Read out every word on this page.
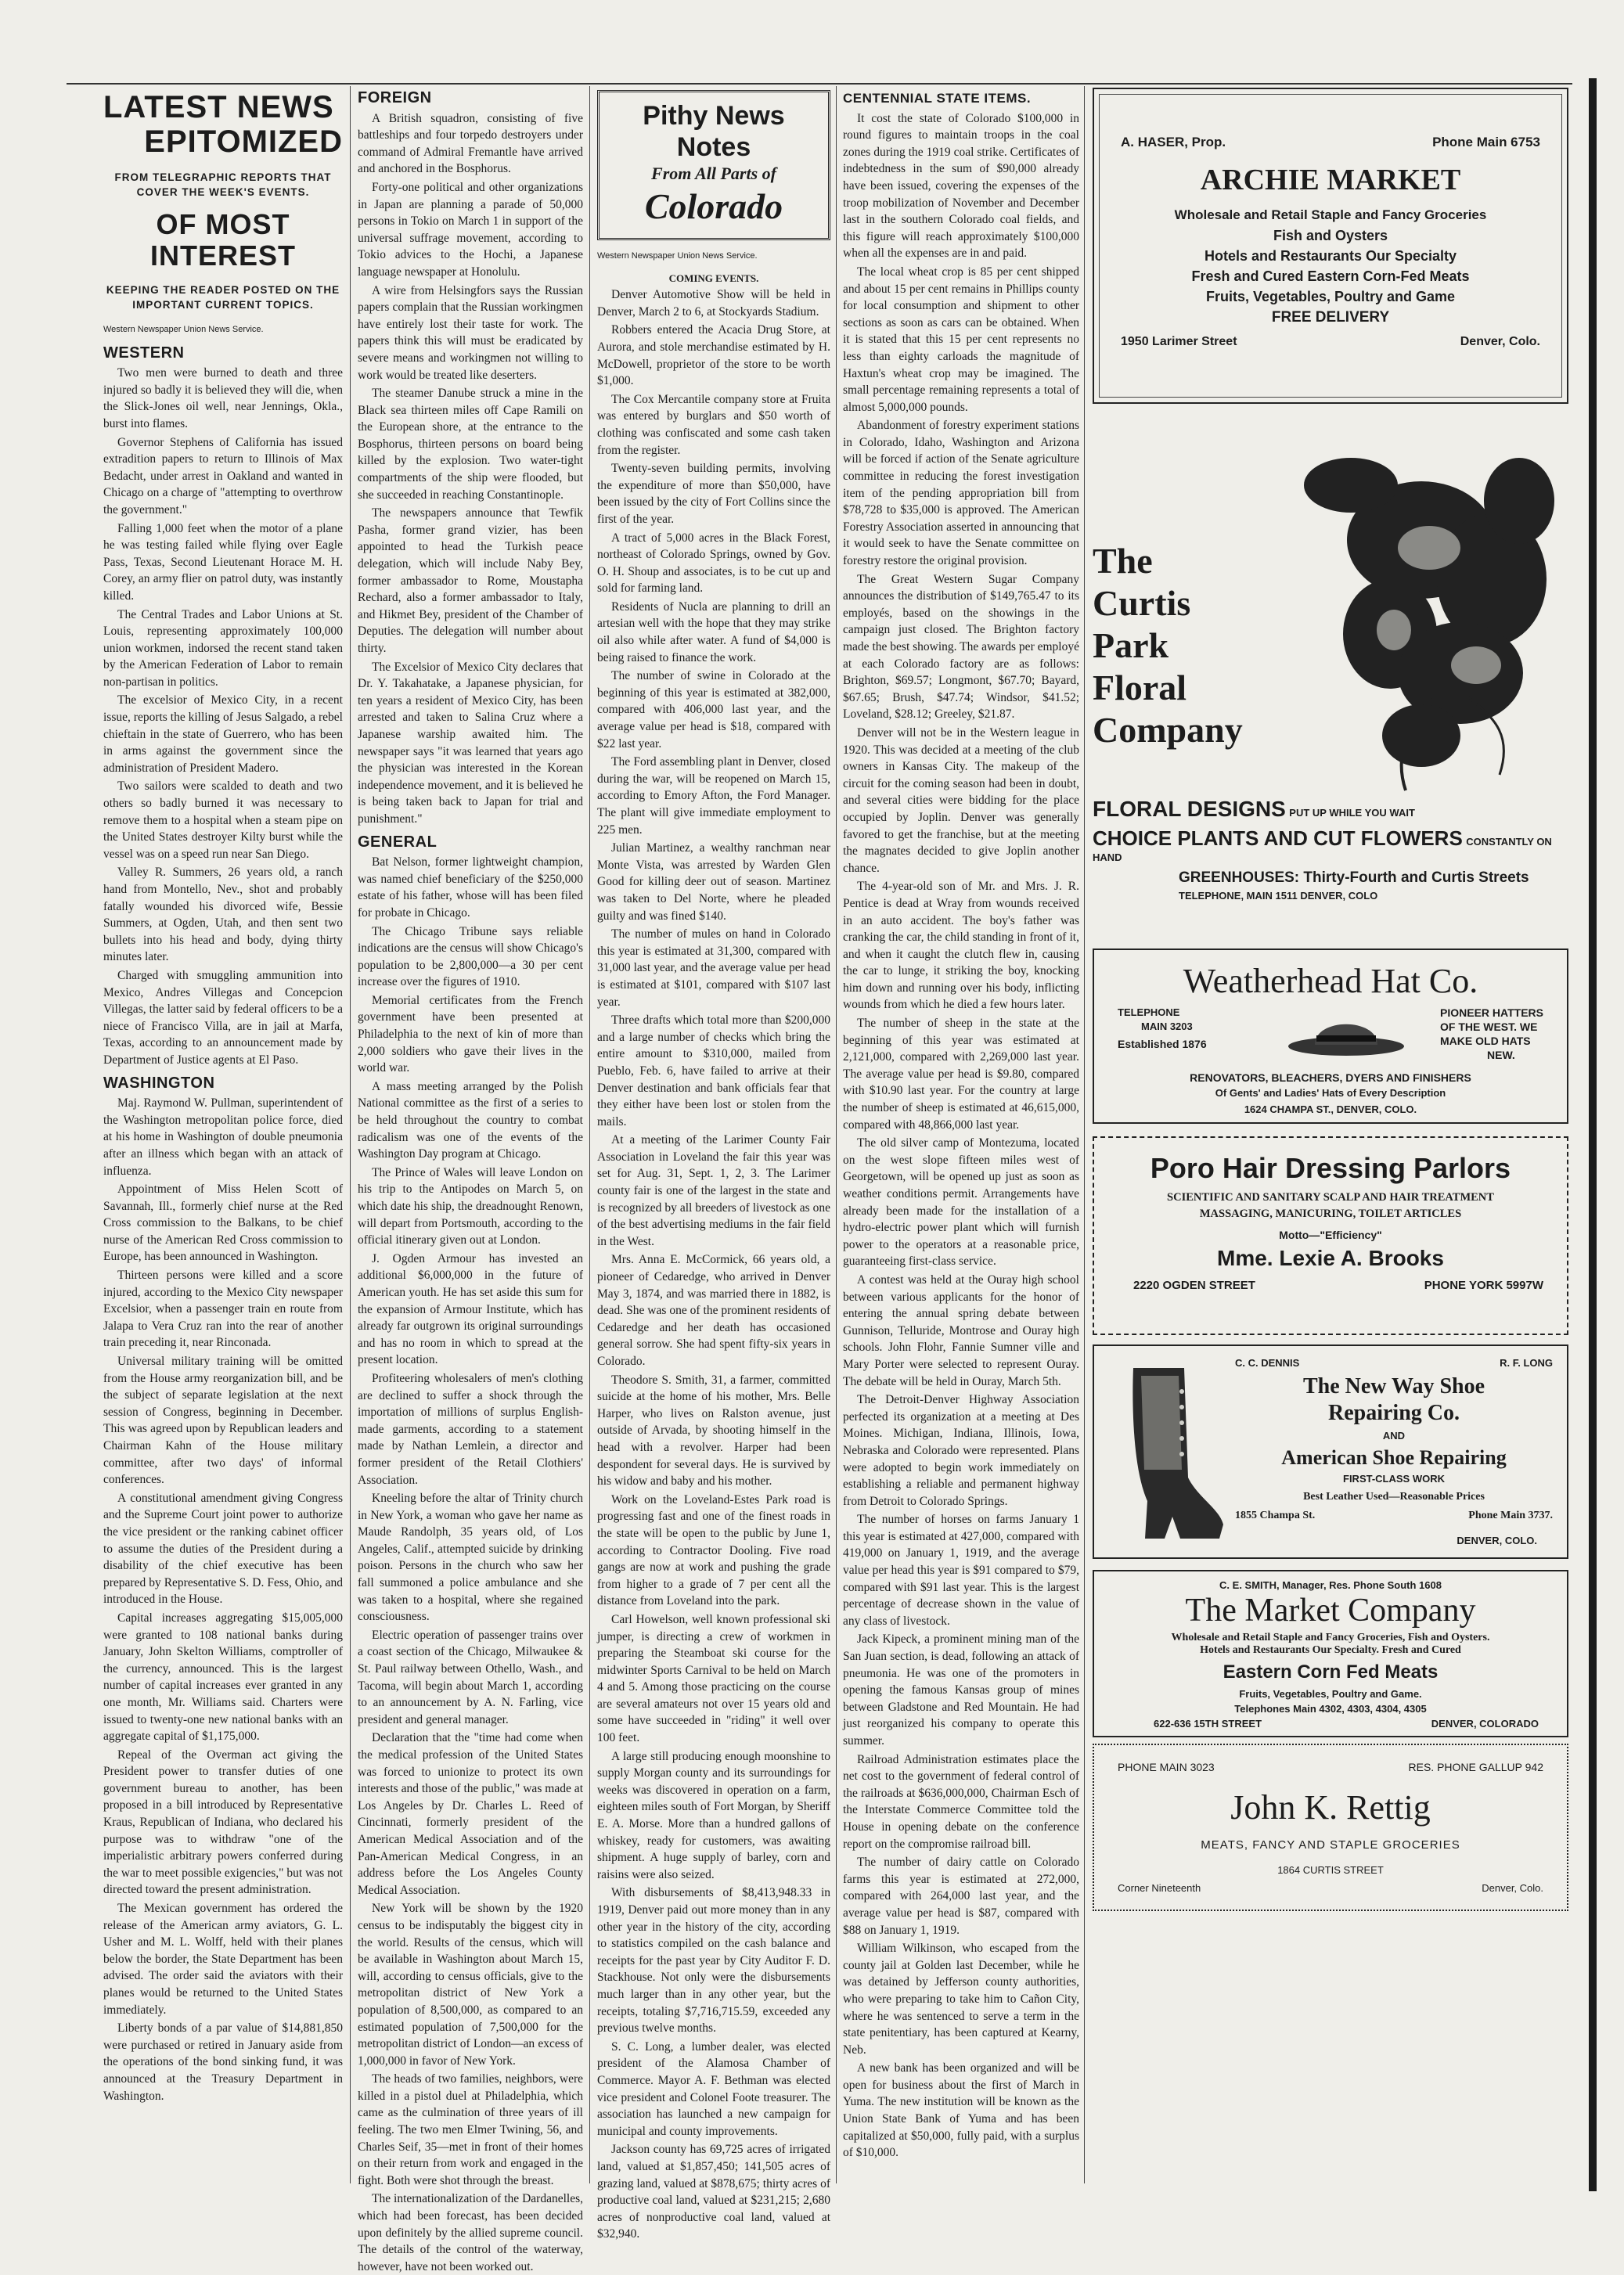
LATEST NEWS
EPITOMIZED
FROM TELEGRAPHIC REPORTS THAT COVER THE WEEK'S EVENTS.
OF MOST INTEREST
KEEPING THE READER POSTED ON THE IMPORTANT CURRENT TOPICS.
Western Newspaper Union News Service.
WESTERN

Two men were burned to death and three injured so badly it is believed they will die, when the Slick-Jones oil well, near Jennings, Okla., burst into flames.

Governor Stephens of California has issued extradition papers to return to Illinois of Max Bedacht, under arrest in Oakland and wanted in Chicago on a charge of "attempting to overthrow the government."

Falling 1,000 feet when the motor of a plane he was testing failed while flying over Eagle Pass, Texas, Second Lieutenant Horace M. H. Corey, an army flier on patrol duty, was instantly killed.

The Central Trades and Labor Unions at St. Louis, representing approximately 100,000 union workmen, indorsed the recent stand taken by the American Federation of Labor to remain non-partisan in politics.

The excelsior of Mexico City, in a recent issue, reports the killing of Jesus Salgado, a rebel chieftain in the state of Guerrero, who has been in arms against the government since the administration of President Madero.

Two sailors were scalded to death and two others so badly burned it was necessary to remove them to a hospital when a steam pipe on the United States destroyer Kilty burst while the vessel was on a speed run near San Diego.

Valley R. Summers, 26 years old, a ranch hand from Montello, Nev., shot and probably fatally wounded his divorced wife, Bessie Summers, at Ogden, Utah, and then sent two bullets into his head and body, dying thirty minutes later.

Charged with smuggling ammunition into Mexico, Andres Villegas and Concepcion Villegas, the latter said by federal officers to be a niece of Francisco Villa, are in jail at Marfa, Texas, according to an announcement made by Department of Justice agents at El Paso.

WASHINGTON

Maj. Raymond W. Pullman, superintendent of the Washington metropolitan police force, died at his home in Washington of double pneumonia after an illness which began with an attack of influenza.

Appointment of Miss Helen Scott of Savannah, Ill., formerly chief nurse at the Red Cross commission to the Balkans, to be chief nurse of the American Red Cross commission to Europe, has been announced in Washington.

Thirteen persons were killed and a score injured, according to the Mexico City newspaper Excelsior, when a passenger train en route from Jalapa to Vera Cruz ran into the rear of another train preceding it, near Rinconada.

Universal military training will be omitted from the House army reorganization bill, and be the subject of separate legislation at the next session of Congress, beginning in December. This was agreed upon by Republican leaders and Chairman Kahn of the House military committee, after two days' of informal conferences.

A constitutional amendment giving Congress and the Supreme Court joint power to authorize the vice president or the ranking cabinet officer to assume the duties of the President during a disability of the chief executive has been prepared by Representative S. D. Fess, Ohio, and introduced in the House.

Capital increases aggregating $15,005,000 were granted to 108 national banks during January, John Skelton Williams, comptroller of the currency, announced. This is the largest number of capital increases ever granted in any one month, Mr. Williams said. Charters were issued to twenty-one new national banks with an aggregate capital of $1,175,000.

Repeal of the Overman act giving the President power to transfer duties of one government bureau to another, has been proposed in a bill introduced by Representative Kraus, Republican of Indiana, who declared his purpose was to withdraw "one of the imperialistic arbitrary powers conferred during the war to meet possible exigencies," but was not directed toward the present administration.

The Mexican government has ordered the release of the American army aviators, G. L. Usher and M. L. Wolff, held with their planes below the border, the State Department has been advised. The order said the aviators with their planes would be returned to the United States immediately.

Liberty bonds of a par value of $14,881,850 were purchased or retired in January aside from the operations of the bond sinking fund, it was announced at the Treasury Department in Washington.

FOREIGN

A British squadron, consisting of five battleships and four torpedo destroyers under command of Admiral Fremantle have arrived and anchored in the Bosphorus.

Forty-one political and other organizations in Japan are planning a parade of 50,000 persons in Tokio on March 1 in support of the universal suffrage movement, according to Tokio advices to the Hochi, a Japanese language newspaper at Honolulu.

A wire from Helsingfors says the Russian papers complain that the Russian workingmen have entirely lost their taste for work. The papers think this will must be eradicated by severe means and workingmen not willing to work would be treated like deserters.

The steamer Danube struck a mine in the Black sea thirteen miles off Cape Ramili on the European shore, at the entrance to the Bosphorus, thirteen persons on board being killed by the explosion. Two water-tight compartments of the ship were flooded, but she succeeded in reaching Constantinople.

The newspapers announce that Tewfik Pasha, former grand vizier, has been appointed to head the Turkish peace delegation, which will include Naby Bey, former ambassador to Rome, Moustapha Rechard, also a former ambassador to Italy, and Hikmet Bey, president of the Chamber of Deputies. The delegation will number about thirty.

The Excelsior of Mexico City declares that Dr. Y. Takahatake, a Japanese physician, for ten years a resident of Mexico City, has been arrested and taken to Salina Cruz where a Japanese warship awaited him. The newspaper says "it was learned that years ago the physician was interested in the Korean independence movement, and it is believed he is being taken back to Japan for trial and punishment."

GENERAL

Bat Nelson, former lightweight champion, was named chief beneficiary of the $250,000 estate of his father, whose will has been filed for probate in Chicago.

The Chicago Tribune says reliable indications are the census will show Chicago's population to be 2,800,000—a 30 per cent increase over the figures of 1910.

Memorial certificates from the French government have been presented at Philadelphia to the next of kin of more than 2,000 soldiers who gave their lives in the world war.

A mass meeting arranged by the Polish National committee as the first of a series to be held throughout the country to combat radicalism was one of the events of the Washington Day program at Chicago.

The Prince of Wales will leave London on his trip to the Antipodes on March 5, on which date his ship, the dreadnought Renown, will depart from Portsmouth, according to the official itinerary given out at London.

J. Ogden Armour has invested an additional $6,000,000 in the future of American youth. He has set aside this sum for the expansion of Armour Institute, which has already far outgrown its original surroundings and has no room in which to spread at the present location.

Profiteering wholesalers of men's clothing are declined to suffer a shock through the importation of millions of surplus English-made garments, according to a statement made by Nathan Lemlein, a director and former president of the Retail Clothiers' Association.

Kneeling before the altar of Trinity church in New York, a woman who gave her name as Maude Randolph, 35 years old, of Los Angeles, Calif., attempted suicide by drinking poison. Persons in the church who saw her fall summoned a police ambulance and she was taken to a hospital, where she regained consciousness.

Electric operation of passenger trains over a coast section of the Chicago, Milwaukee & St. Paul railway between Othello, Wash., and Tacoma, will begin about March 1, according to an announcement by A. N. Farling, vice president and general manager.

Declaration that the "time had come when the medical profession of the United States was forced to unionize to protect its own interests and those of the public," was made at Los Angeles by Dr. Charles L. Reed of Cincinnati, formerly president of the American Medical Association and of the Pan-American Medical Congress, in an address before the Los Angeles County Medical Association.

New York will be shown by the 1920 census to be indisputably the biggest city in the world. Results of the census, which will be available in Washington about March 15, will, according to census officials, give to the metropolitan district of New York a population of 8,500,000, as compared to an estimated population of 7,500,000 for the metropolitan district of London—an excess of 1,000,000 in favor of New York.

The heads of two families, neighbors, were killed in a pistol duel at Philadelphia, which came as the culmination of three years of ill feeling. The two men Elmer Twining, 56, and Charles Seif, 35—met in front of their homes on their return from work and engaged in the fight. Both were shot through the breast.

The internationalization of the Dardanelles, which had been forecast, has been decided upon definitely by the allied supreme council. The details of the control of the waterway, however, have not been worked out.

Pithy News Notes
From All Parts of
Colorado
Western Newspaper Union News Service.
COMING EVENTS.

Denver Automotive Show will be held in Denver, March 2 to 6, at Stockyards Stadium.

Robbers entered the Acacia Drug Store, at Aurora, and stole merchandise estimated by H. McDowell, proprietor of the store to be worth $1,000.

The Cox Mercantile company store at Fruita was entered by burglars and $50 worth of clothing was confiscated and some cash taken from the register.

Twenty-seven building permits, involving the expenditure of more than $50,000, have been issued by the city of Fort Collins since the first of the year.

A tract of 5,000 acres in the Black Forest, northeast of Colorado Springs, owned by Gov. O. H. Shoup and associates, is to be cut up and sold for farming land.

Residents of Nucla are planning to drill an artesian well with the hope that they may strike oil also while after water. A fund of $4,000 is being raised to finance the work.

The number of swine in Colorado at the beginning of this year is estimated at 382,000, compared with 406,000 last year, and the average value per head is $18, compared with $22 last year.

The Ford assembling plant in Denver, closed during the war, will be reopened on March 15, according to Emory Afton, the Ford Manager. The plant will give immediate employment to 225 men.

Julian Martinez, a wealthy ranchman near Monte Vista, was arrested by Warden Glen Good for killing deer out of season. Martinez was taken to Del Norte, where he pleaded guilty and was fined $140.

The number of mules on hand in Colorado this year is estimated at 31,300, compared with 31,000 last year, and the average value per head is estimated at $101, compared with $107 last year.

Three drafts which total more than $200,000 and a large number of checks which bring the entire amount to $310,000, mailed from Pueblo, Feb. 6, have failed to arrive at their Denver destination and bank officials fear that they either have been lost or stolen from the mails.

At a meeting of the Larimer County Fair Association in Loveland the fair this year was set for Aug. 31, Sept. 1, 2, 3. The Larimer county fair is one of the largest in the state and is recognized by all breeders of livestock as one of the best advertising mediums in the fair field in the West.

Mrs. Anna E. McCormick, 66 years old, a pioneer of Cedaredge, who arrived in Denver May 3, 1874, and was married there in 1882, is dead. She was one of the prominent residents of Cedaredge and her death has occasioned general sorrow. She had spent fifty-six years in Colorado.

Theodore S. Smith, 31, a farmer, committed suicide at the home of his mother, Mrs. Belle Harper, who lives on Ralston avenue, just outside of Arvada, by shooting himself in the head with a revolver. Harper had been despondent for several days. He is survived by his widow and baby and his mother.

Work on the Loveland-Estes Park road is progressing fast and one of the finest roads in the state will be open to the public by June 1, according to Contractor Dooling. Five road gangs are now at work and pushing the grade from higher to a grade of 7 per cent all the distance from Loveland into the park.

Carl Howelson, well known professional ski jumper, is directing a crew of workmen in preparing the Steamboat ski course for the midwinter Sports Carnival to be held on March 4 and 5. Among those practicing on the course are several amateurs not over 15 years old and some have succeeded in "riding" it well over 100 feet.

A large still producing enough moonshine to supply Morgan county and its surroundings for weeks was discovered in operation on a farm, eighteen miles south of Fort Morgan, by Sheriff E. A. Morse. More than a hundred gallons of whiskey, ready for customers, was awaiting shipment. A huge supply of barley, corn and raisins were also seized.

With disbursements of $8,413,948.33 in 1919, Denver paid out more money than in any other year in the history of the city, according to statistics compiled on the cash balance and receipts for the past year by City Auditor F. D. Stackhouse. Not only were the disbursements much larger than in any other year, but the receipts, totaling $7,716,715.59, exceeded any previous twelve months.

S. C. Long, a lumber dealer, was elected president of the Alamosa Chamber of Commerce. Mayor A. F. Bethman was elected vice president and Colonel Foote treasurer. The association has launched a new campaign for municipal and county improvements.

Jackson county has 69,725 acres of irrigated land, valued at $1,857,450; 141,505 acres of grazing land, valued at $878,675; thirty acres of productive coal land, valued at $231,215; 2,680 acres of nonproductive coal land, valued at $32,940.

CENTENNIAL STATE ITEMS.

It cost the state of Colorado $100,000 in round figures to maintain troops in the coal zones during the 1919 coal strike. Certificates of indebtedness in the sum of $90,000 already have been issued, covering the expenses of the troop mobilization of November and December last in the southern Colorado coal fields, and this figure will reach approximately $100,000 when all the expenses are in and paid.

The local wheat crop is 85 per cent shipped and about 15 per cent remains in Phillips county for local consumption and shipment to other sections as soon as cars can be obtained. When it is stated that this 15 per cent represents no less than eighty carloads the magnitude of Haxtun's wheat crop may be imagined. The small percentage remaining represents a total of almost 5,000,000 pounds.

Abandonment of forestry experiment stations in Colorado, Idaho, Washington and Arizona will be forced if action of the Senate agriculture committee in reducing the forest investigation item of the pending appropriation bill from $78,728 to $35,000 is approved. The American Forestry Association asserted in announcing that it would seek to have the Senate committee on forestry restore the original provision.

The Great Western Sugar Company announces the distribution of $149,765.47 to its employés, based on the showings in the campaign just closed. The Brighton factory made the best showing. The awards per employé at each Colorado factory are as follows: Brighton, $69.57; Longmont, $67.70; Bayard, $67.65; Brush, $47.74; Windsor, $41.52; Loveland, $28.12; Greeley, $21.87.

Denver will not be in the Western league in 1920. This was decided at a meeting of the club owners in Kansas City. The makeup of the circuit for the coming season had been in doubt, and several cities were bidding for the place occupied by Joplin. Denver was generally favored to get the franchise, but at the meeting the magnates decided to give Joplin another chance.

The 4-year-old son of Mr. and Mrs. J. R. Pentice is dead at Wray from wounds received in an auto accident. The boy's father was cranking the car, the child standing in front of it, and when it caught the clutch flew in, causing the car to lunge, it striking the boy, knocking him down and running over his body, inflicting wounds from which he died a few hours later.

The number of sheep in the state at the beginning of this year was estimated at 2,121,000, compared with 2,269,000 last year. The average value per head is $9.80, compared with $10.90 last year. For the country at large the number of sheep is estimated at 46,615,000, compared with 48,866,000 last year.

The old silver camp of Montezuma, located on the west slope fifteen miles west of Georgetown, will be opened up just as soon as weather conditions permit. Arrangements have already been made for the installation of a hydro-electric power plant which will furnish power to the operators at a reasonable price, guaranteeing first-class service.

A contest was held at the Ouray high school between various applicants for the honor of entering the annual spring debate between Gunnison, Telluride, Montrose and Ouray high schools. John Flohr, Fannie Sumner ville and Mary Porter were selected to represent Ouray. The debate will be held in Ouray, March 5th.

The Detroit-Denver Highway Association perfected its organization at a meeting at Des Moines. Michigan, Indiana, Illinois, Iowa, Nebraska and Colorado were represented. Plans were adopted to begin work immediately on establishing a reliable and permanent highway from Detroit to Colorado Springs.

The number of horses on farms January 1 this year is estimated at 427,000, compared with 419,000 on January 1, 1919, and the average value per head this year is $91 compared to $79, compared with $91 last year. This is the largest percentage of decrease shown in the value of any class of livestock.

Jack Kipeck, a prominent mining man of the San Juan section, is dead, following an attack of pneumonia. He was one of the promoters in opening the famous Kansas group of mines between Gladstone and Red Mountain. He had just reorganized his company to operate this summer.

Railroad Administration estimates place the net cost to the government of federal control of the railroads at $636,000,000, Chairman Esch of the Interstate Commerce Committee told the House in opening debate on the conference report on the compromise railroad bill.

The number of dairy cattle on Colorado farms this year is estimated at 272,000, compared with 264,000 last year, and the average value per head is $87, compared with $88 on January 1, 1919.

William Wilkinson, who escaped from the county jail at Golden last December, while he was detained by Jefferson county authorities, who were preparing to take him to Cañon City, where he was sentenced to serve a term in the state penitentiary, has been captured at Kearny, Neb.

A new bank has been organized and will be open for business about the first of March in Yuma. The new institution will be known as the Union State Bank of Yuma and has been capitalized at $50,000, fully paid, with a surplus of $10,000.

A. HASER, Prop.	Phone Main 6753
ARCHIE MARKET
Wholesale and Retail Staple and Fancy Groceries
Fish and Oysters
Hotels and Restaurants Our Specialty
Fresh and Cured Eastern Corn-Fed Meats
Fruits, Vegetables, Poultry and Game
FREE DELIVERY
1950 Larimer Street	Denver, Colo.
The
Curtis
Park
Floral
Company
FLORAL DESIGNS PUT UP WHILE YOU WAIT
CHOICE PLANTS AND CUT FLOWERS CONSTANTLY ON HAND
GREENHOUSES: Thirty-Fourth and Curtis Streets
TELEPHONE, MAIN 1511 DENVER, COLO
Weatherhead Hat Co.
TELEPHONE
MAIN 3203
Established 1876
PIONEER HATTERS
OF THE WEST. WE
MAKE OLD HATS
NEW.
RENOVATORS, BLEACHERS, DYERS AND FINISHERS
Of Gents' and Ladies' Hats of Every Description
1624 CHAMPA ST., DENVER, COLO.
Poro Hair Dressing Parlors
SCIENTIFIC AND SANITARY SCALP AND HAIR TREATMENT
MASSAGING, MANICURING, TOILET ARTICLES
Motto—"Efficiency"
Mme. Lexie A. Brooks
2220 OGDEN STREET	PHONE YORK 5997W
C. C. DENNIS	R. F. LONG
The New Way Shoe
Repairing Co.
AND
American Shoe Repairing
FIRST-CLASS WORK
Best Leather Used—Reasonable Prices
1855 Champa St.	Phone Main 3737.
DENVER, COLO.
C. E. SMITH, Manager, Res. Phone South 1608
The Market Company
Wholesale and Retail Staple and Fancy Groceries, Fish and Oysters.
Hotels and Restaurants Our Specialty. Fresh and Cured
Eastern Corn Fed Meats
Fruits, Vegetables, Poultry and Game.
Telephones Main 4302, 4303, 4304, 4305
622-636 15TH STREET	DENVER, COLORADO
PHONE MAIN 3023	RES. PHONE GALLUP 942
John K. Rettig
MEATS, FANCY AND STAPLE GROCERIES
1864 CURTIS STREET
Corner Nineteenth	Denver, Colo.
